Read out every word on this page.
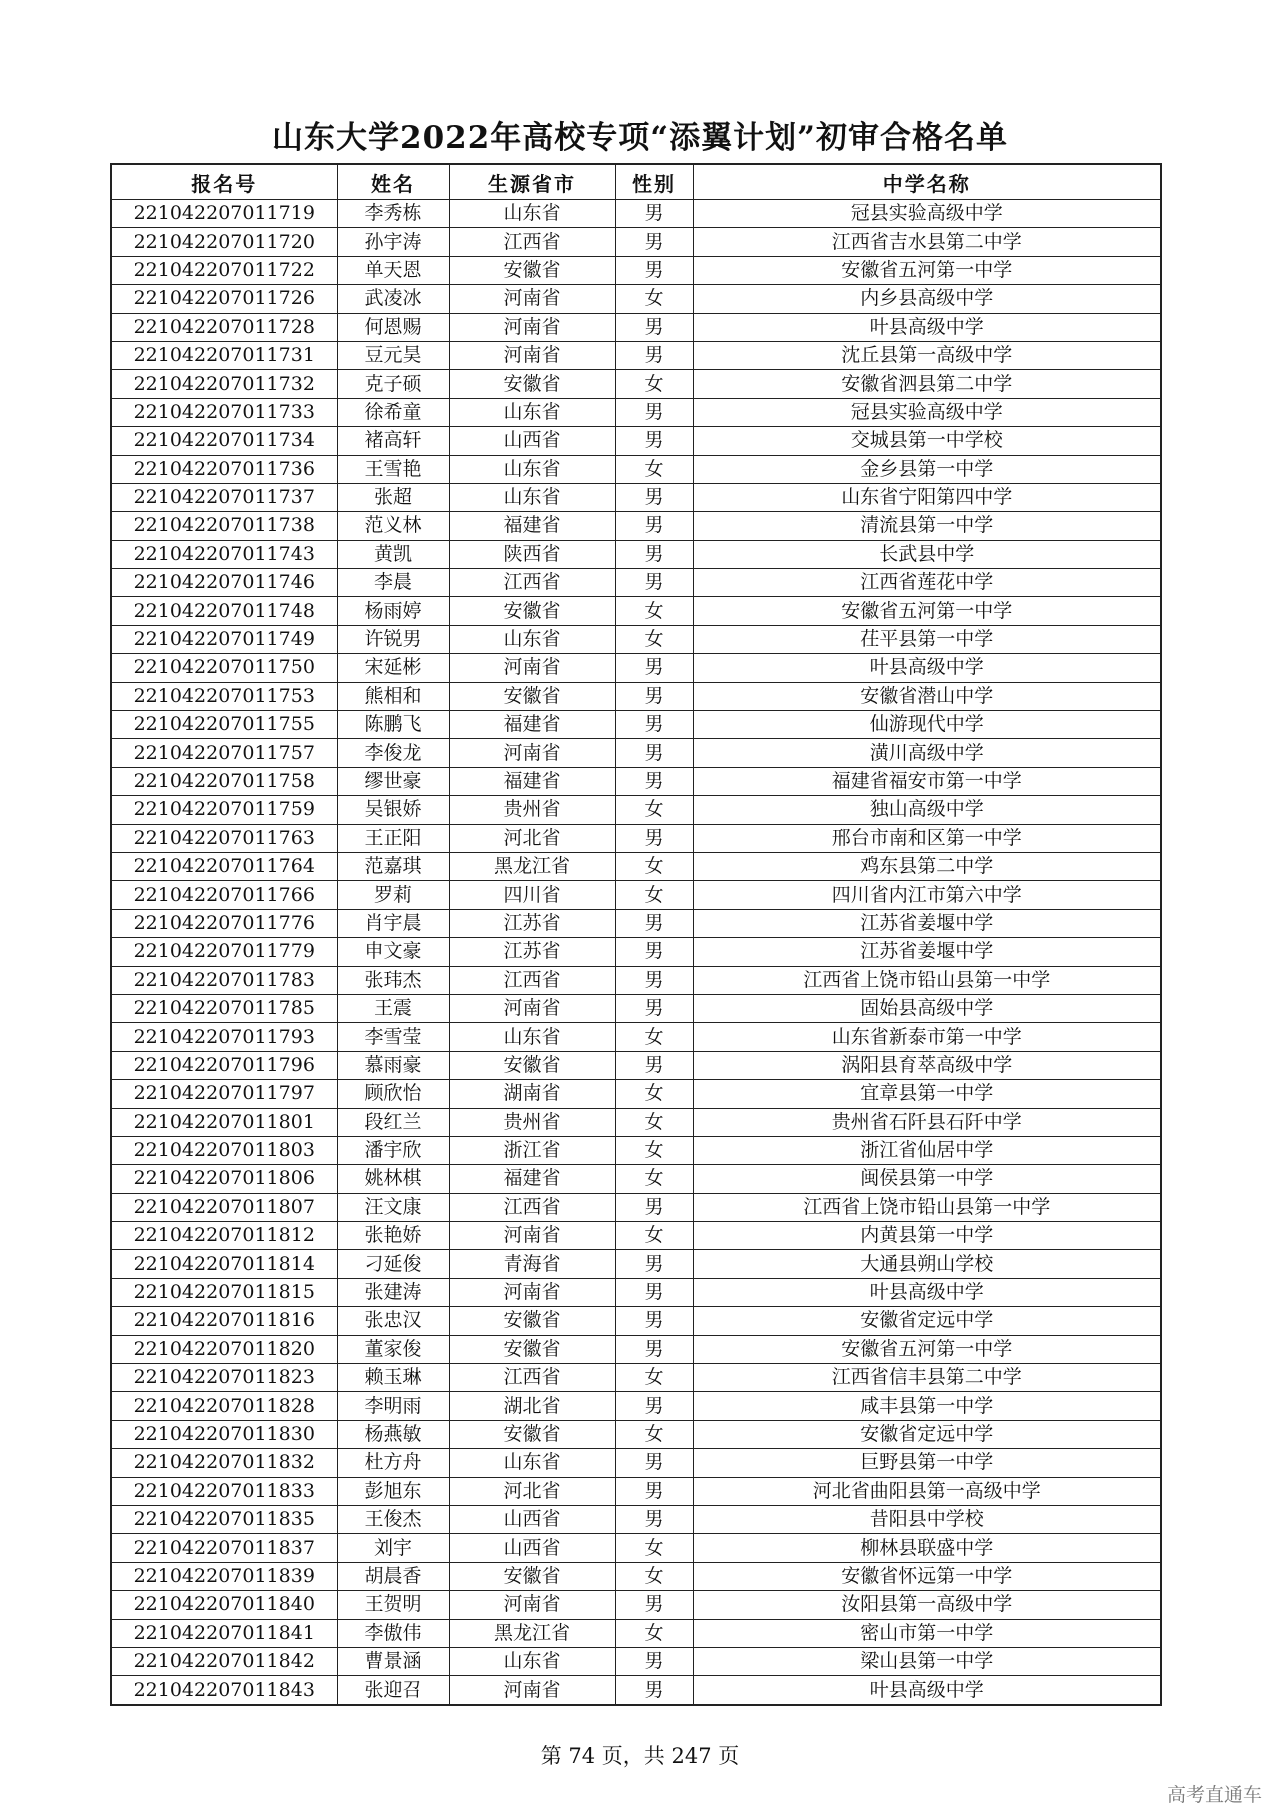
山东大学2022年高校专项“添翼计划”初审合格名单
报名号	姓名	生源省市	性别	中学名称
221042207011719	李秀栋	山东省	男	冠县实验高级中学
221042207011720	孙宇涛	江西省	男	江西省吉水县第二中学
221042207011722	单天恩	安徽省	男	安徽省五河第一中学
221042207011726	武凌冰	河南省	女	内乡县高级中学
221042207011728	何恩赐	河南省	男	叶县高级中学
221042207011731	豆元昊	河南省	男	沈丘县第一高级中学
221042207011732	克子硕	安徽省	女	安徽省泗县第二中学
221042207011733	徐希童	山东省	男	冠县实验高级中学
221042207011734	褚高轩	山西省	男	交城县第一中学校
221042207011736	王雪艳	山东省	女	金乡县第一中学
221042207011737	张超	山东省	男	山东省宁阳第四中学
221042207011738	范义林	福建省	男	清流县第一中学
221042207011743	黄凯	陕西省	男	长武县中学
221042207011746	李晨	江西省	男	江西省莲花中学
221042207011748	杨雨婷	安徽省	女	安徽省五河第一中学
221042207011749	许锐男	山东省	女	茌平县第一中学
221042207011750	宋延彬	河南省	男	叶县高级中学
221042207011753	熊相和	安徽省	男	安徽省潜山中学
221042207011755	陈鹏飞	福建省	男	仙游现代中学
221042207011757	李俊龙	河南省	男	潢川高级中学
221042207011758	缪世豪	福建省	男	福建省福安市第一中学
221042207011759	吴银娇	贵州省	女	独山高级中学
221042207011763	王正阳	河北省	男	邢台市南和区第一中学
221042207011764	范嘉琪	黑龙江省	女	鸡东县第二中学
221042207011766	罗莉	四川省	女	四川省内江市第六中学
221042207011776	肖宇晨	江苏省	男	江苏省姜堰中学
221042207011779	申文豪	江苏省	男	江苏省姜堰中学
221042207011783	张玮杰	江西省	男	江西省上饶市铅山县第一中学
221042207011785	王震	河南省	男	固始县高级中学
221042207011793	李雪莹	山东省	女	山东省新泰市第一中学
221042207011796	慕雨豪	安徽省	男	涡阳县育萃高级中学
221042207011797	顾欣怡	湖南省	女	宜章县第一中学
221042207011801	段红兰	贵州省	女	贵州省石阡县石阡中学
221042207011803	潘宇欣	浙江省	女	浙江省仙居中学
221042207011806	姚林棋	福建省	女	闽侯县第一中学
221042207011807	汪文康	江西省	男	江西省上饶市铅山县第一中学
221042207011812	张艳娇	河南省	女	内黄县第一中学
221042207011814	刁延俊	青海省	男	大通县朔山学校
221042207011815	张建涛	河南省	男	叶县高级中学
221042207011816	张忠汉	安徽省	男	安徽省定远中学
221042207011820	董家俊	安徽省	男	安徽省五河第一中学
221042207011823	赖玉琳	江西省	女	江西省信丰县第二中学
221042207011828	李明雨	湖北省	男	咸丰县第一中学
221042207011830	杨燕敏	安徽省	女	安徽省定远中学
221042207011832	杜方舟	山东省	男	巨野县第一中学
221042207011833	彭旭东	河北省	男	河北省曲阳县第一高级中学
221042207011835	王俊杰	山西省	男	昔阳县中学校
221042207011837	刘宇	山西省	女	柳林县联盛中学
221042207011839	胡晨香	安徽省	女	安徽省怀远第一中学
221042207011840	王贺明	河南省	男	汝阳县第一高级中学
221042207011841	李傲伟	黑龙江省	女	密山市第一中学
221042207011842	曹景涵	山东省	男	梁山县第一中学
221042207011843	张迎召	河南省	男	叶县高级中学
第 74 页，共 247 页
高考直通车
